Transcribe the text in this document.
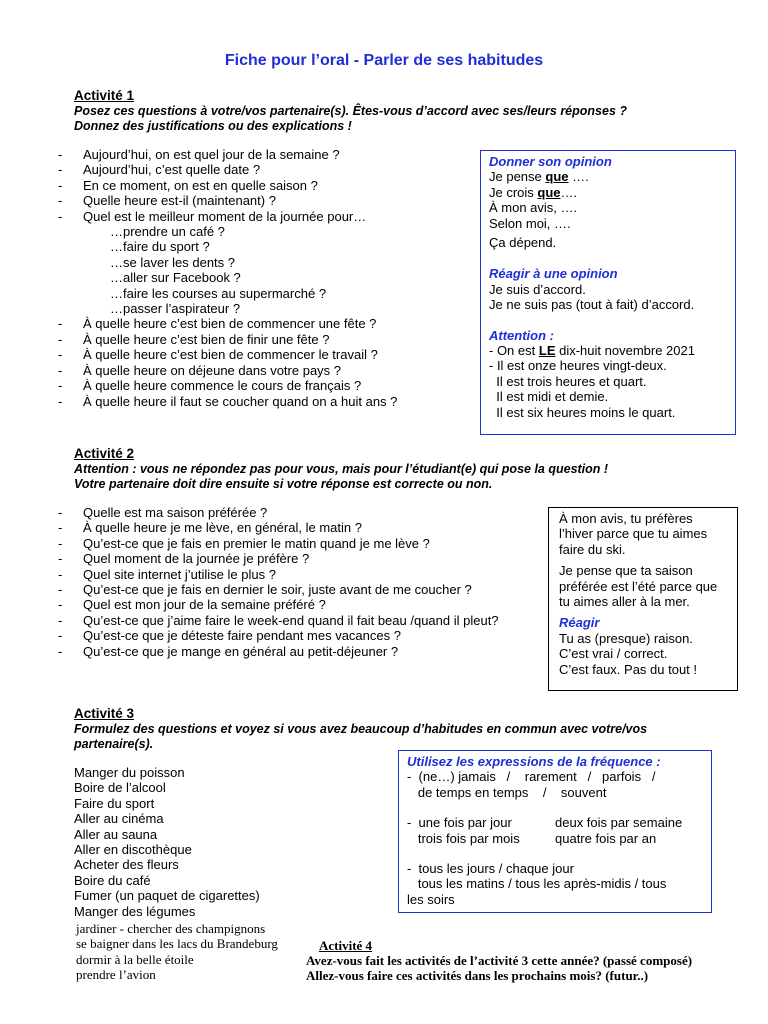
Fiche pour l’oral - Parler de ses habitudes
Activité 1
Posez ces questions à votre/vos partenaire(s). Êtes-vous d’accord avec ses/leurs réponses ?
Donnez des justifications ou des explications !
- Aujourd’hui, on est quel jour de la semaine ?
- Aujourd’hui, c’est quelle date ?
- En ce moment, on est en quelle saison ?
- Quelle heure est-il (maintenant) ?
- Quel est le meilleur moment de la journée pour…
…prendre un café ?
…faire du sport ?
…se laver les dents ?
…aller sur Facebook ?
…faire les courses au supermarché ?
…passer l’aspirateur ?
- À quelle heure c’est bien de commencer une fête ?
- À quelle heure c’est bien de finir une fête ?
- À quelle heure c’est bien de commencer le travail ?
- À quelle heure on déjeune dans votre pays ?
- À quelle heure commence le cours de français ?
- À quelle heure il faut se coucher quand on a huit ans ?
Donner son opinion
Je pense que ….
Je crois que….
À mon avis, ….
Selon moi, ….
Ça dépend.
Réagir à une opinion
Je suis d’accord.
Je ne suis pas (tout à fait) d’accord.
Attention :
- On est LE dix-huit novembre 2021
- Il est onze heures vingt-deux.
Il est trois heures et quart.
Il est midi et demie.
Il est six heures moins le quart.
Activité 2
Attention : vous ne répondez pas pour vous, mais pour l’étudiant(e) qui pose la question !
Votre partenaire doit dire ensuite si votre réponse est correcte ou non.
- Quelle est ma saison préférée ?
- À quelle heure je me lève, en général, le matin ?
- Qu’est-ce que je fais en premier le matin quand je me lève ?
- Quel moment de la journée je préfère ?
- Quel site internet j’utilise le plus ?
- Qu’est-ce que je fais en dernier le soir, juste avant de me coucher ?
- Quel est mon jour de la semaine préféré ?
- Qu’est-ce que j’aime faire le week-end quand il fait beau /quand il pleut?
- Qu’est-ce que je déteste faire pendant mes vacances ?
- Qu’est-ce que je mange en général au petit-déjeuner ?
À mon avis, tu préfères
l’hiver parce que tu aimes
faire du ski.
Je pense que ta saison
préférée est l’été parce que
tu aimes aller à la mer.
Réagir
Tu as (presque) raison.
C’est vrai / correct.
C’est faux. Pas du tout !
Activité 3
Formulez des questions et voyez si vous avez beaucoup d’habitudes en commun avec votre/vos
partenaire(s).
Manger du poisson
Boire de l’alcool
Faire du sport
Aller au cinéma
Aller au sauna
Aller en discothèque
Acheter des fleurs
Boire du café
Fumer (un paquet de cigarettes)
Manger des légumes
jardiner - chercher des champignons
se baigner dans les lacs du Brandeburg
dormir à la belle étoile
prendre l’avion
Utilisez les expressions de la fréquence :
-  (ne…) jamais   /    rarement   /   parfois   /
de temps en temps    /    souvent
-  une fois par jour	deux fois par semaine
trois fois par mois	quatre fois par an
-  tous les jours / chaque jour
tous les matins / tous les après-midis / tous
les soirs
Activité 4
Avez-vous fait les activités de l’activité 3 cette année? (passé composé)
Allez-vous faire ces activités dans les prochains mois? (futur..)
